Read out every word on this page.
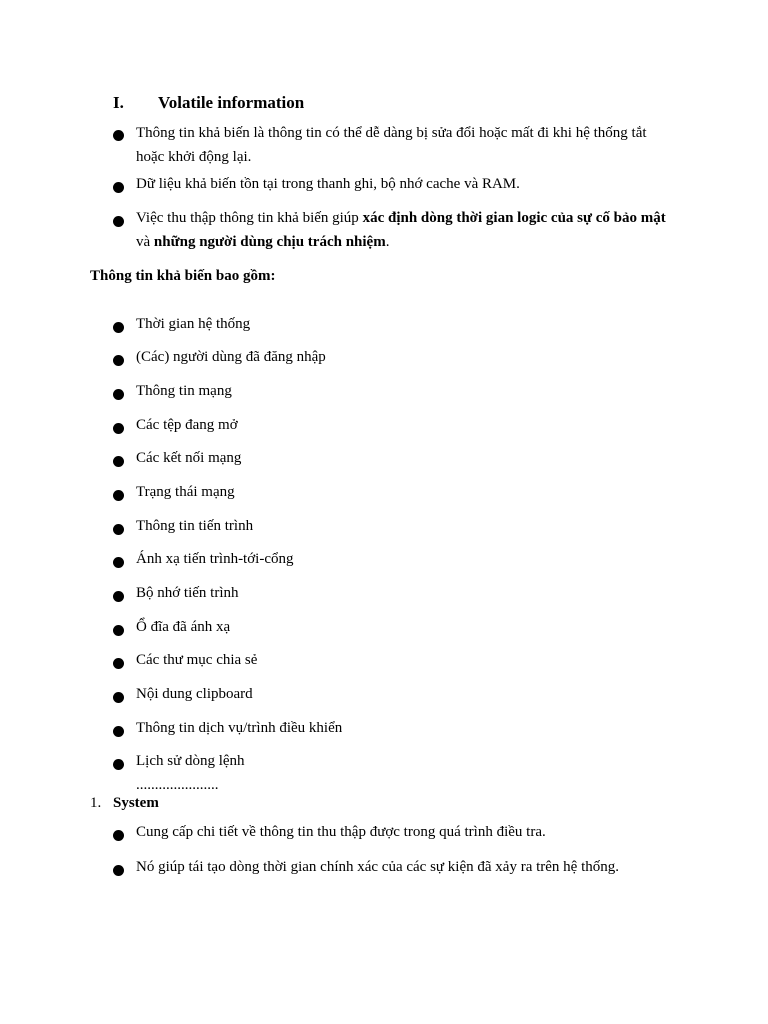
I. Volatile information
Thông tin khả biến là thông tin có thể dễ dàng bị sửa đổi hoặc mất đi khi hệ thống tắt hoặc khởi động lại.
Dữ liệu khả biến tồn tại trong thanh ghi, bộ nhớ cache và RAM.
Việc thu thập thông tin khả biến giúp xác định dòng thời gian logic của sự cố bảo mật và những người dùng chịu trách nhiệm.
Thông tin khả biến bao gồm:
Thời gian hệ thống
(Các) người dùng đã đăng nhập
Thông tin mạng
Các tệp đang mở
Các kết nối mạng
Trạng thái mạng
Thông tin tiến trình
Ánh xạ tiến trình-tới-cổng
Bộ nhớ tiến trình
Ổ đĩa đã ánh xạ
Các thư mục chia sẻ
Nội dung clipboard
Thông tin dịch vụ/trình điều khiển
Lịch sử dòng lệnh
......................
1. System
Cung cấp chi tiết về thông tin thu thập được trong quá trình điều tra.
Nó giúp tái tạo dòng thời gian chính xác của các sự kiện đã xảy ra trên hệ thống.
